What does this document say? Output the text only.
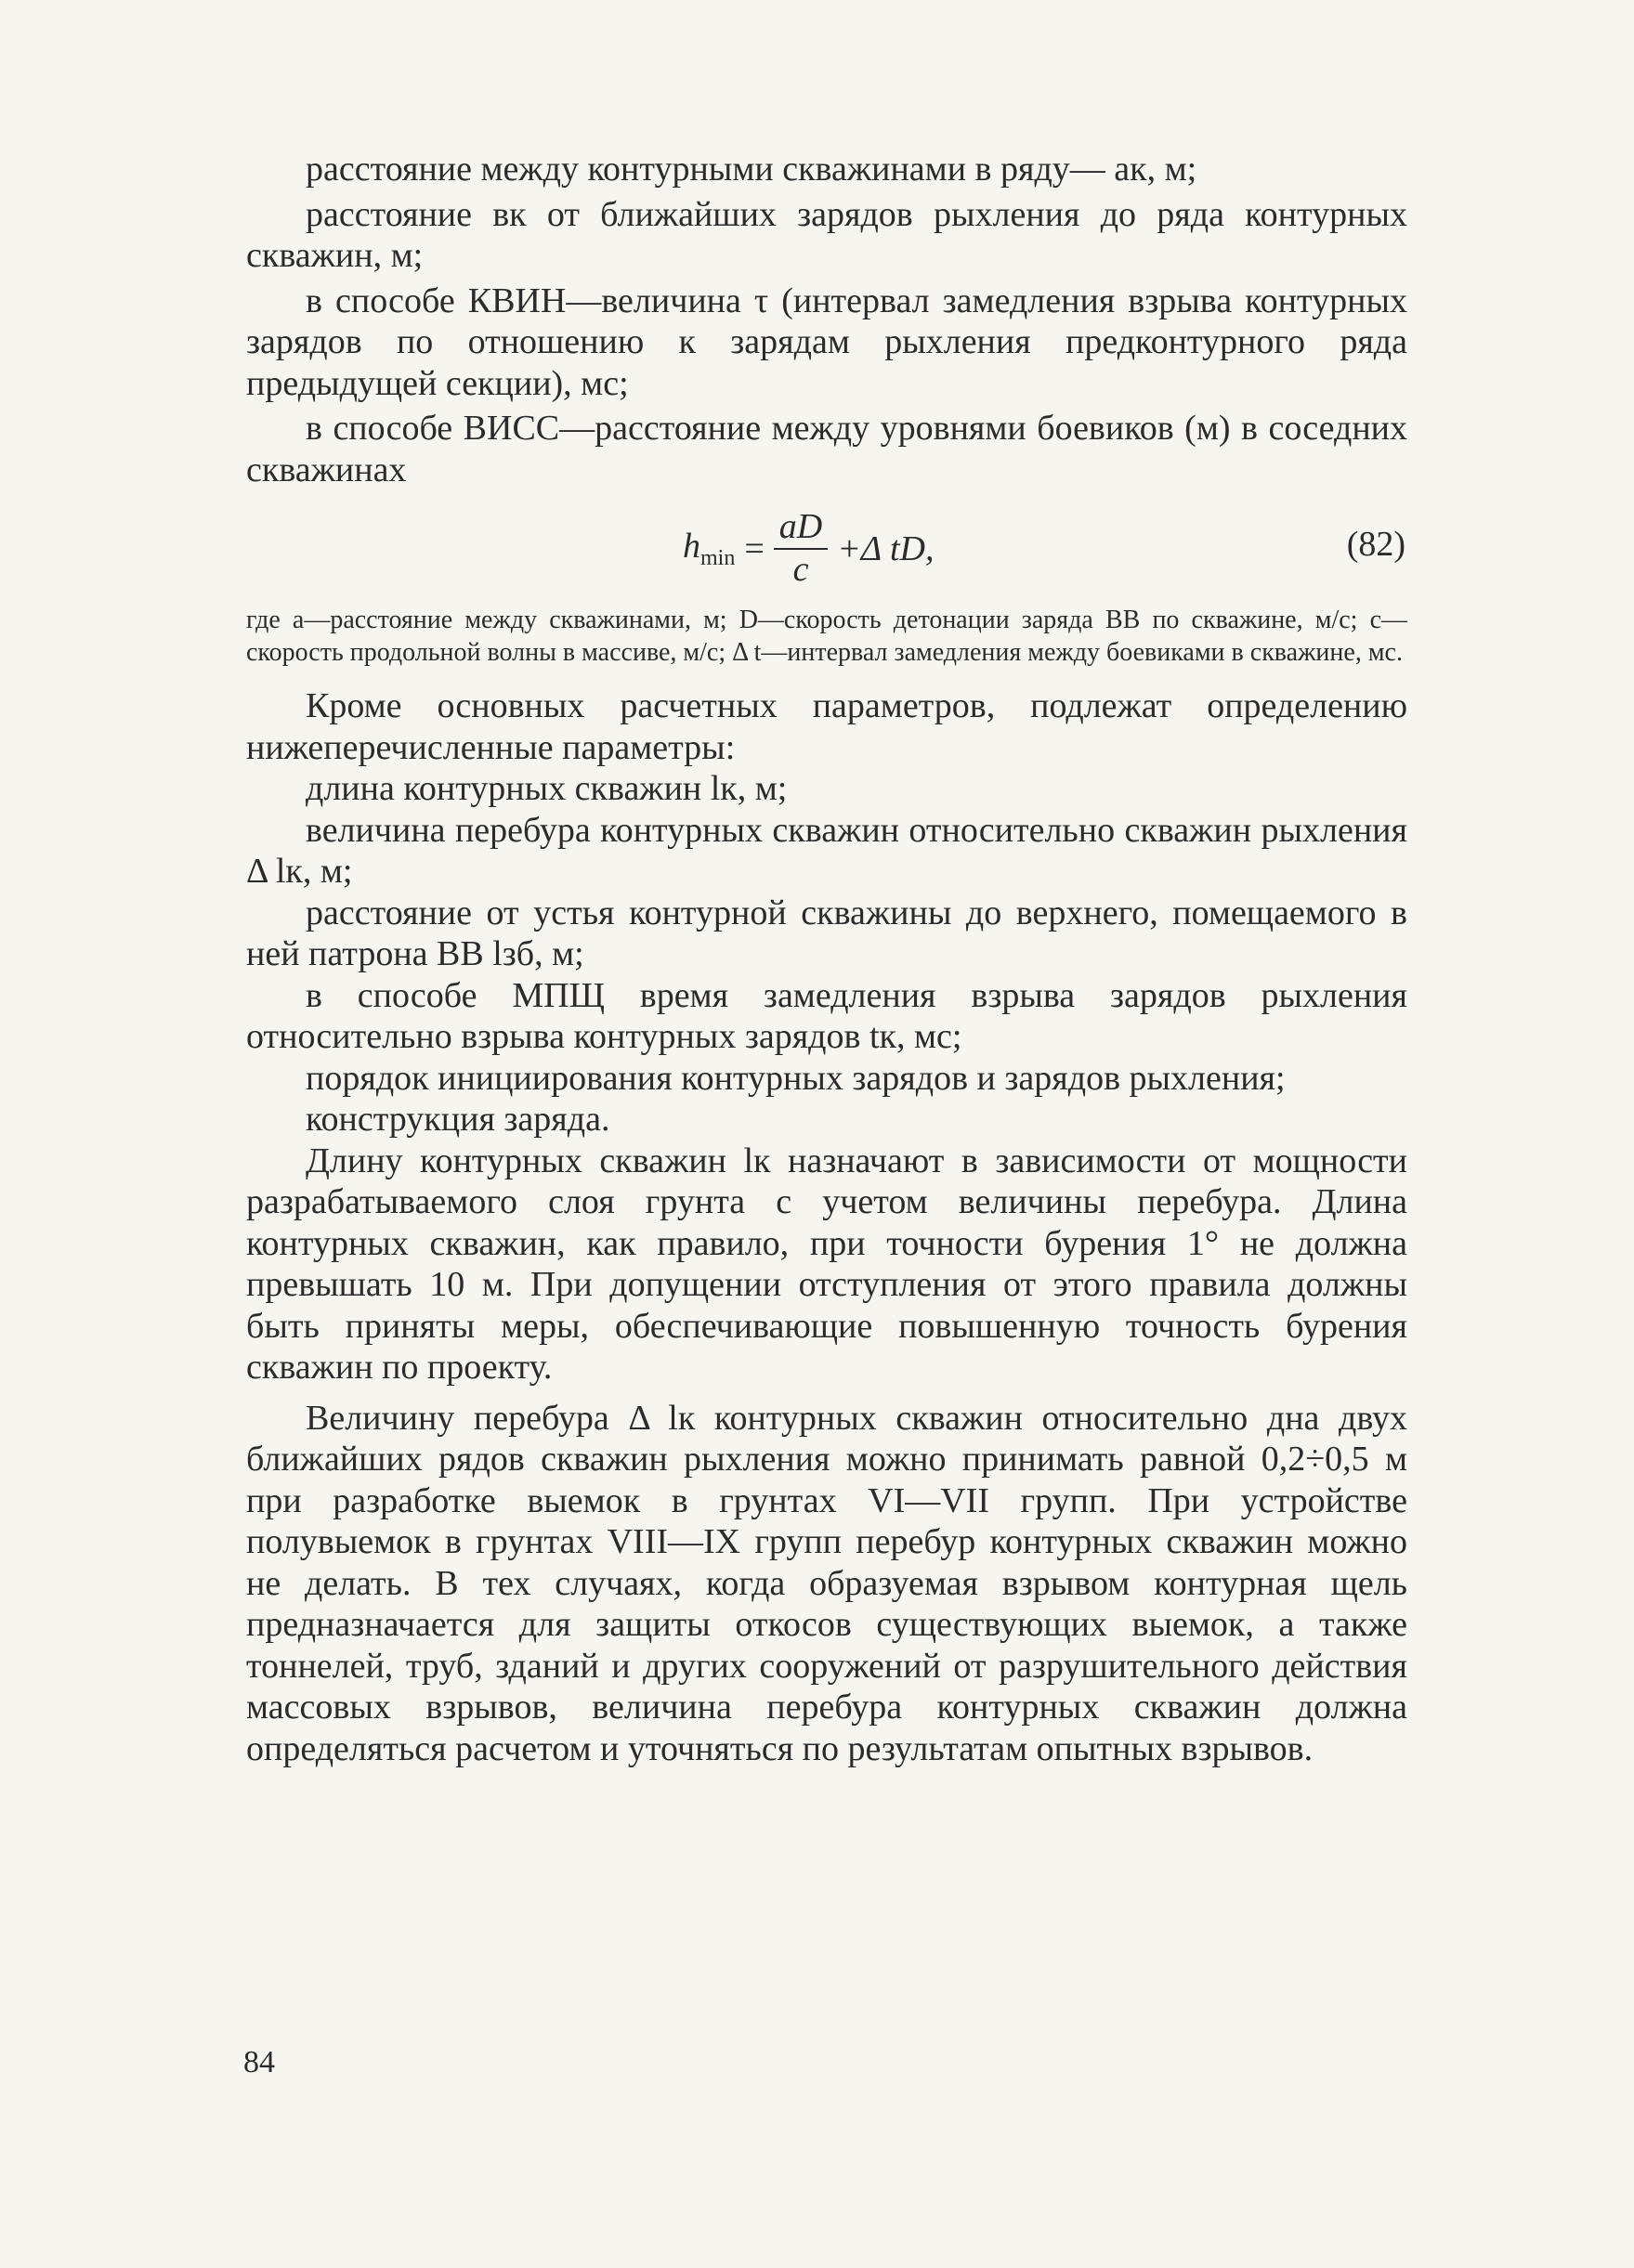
расстояние между контурными скважинами в ряду— aк, м;

расстояние вк от ближайших зарядов рыхления до ряда контурных скважин, м;

в способе КВИН—величина τ (интервал замедления взрыва контурных зарядов по отношению к зарядам рыхления предконтурного ряда предыдущей секции), мс;

в способе ВИСС—расстояние между уровнями боевиков (м) в соседних скважинах

$h_{min} = \frac{aD}{c} +\Delta$ tD,	(82)

где a—расстояние между скважинами, м; D—скорость детонации заряда ВВ по скважине, м/с; c—скорость продольной волны в массиве, м/с; Δ t—интервал замедления между боевиками в скважине, мс.

Кроме основных расчетных параметров, подлежат определению нижеперечисленные параметры:

длина контурных скважин lк, м;

величина перебура контурных скважин относительно скважин рыхления Δ lк, м;

расстояние от устья контурной скважины до верхнего, помещаемого в ней патрона ВВ lзб, м;

в способе МПЩ время замедления взрыва зарядов рыхления относительно взрыва контурных зарядов tк, мс;

порядок инициирования контурных зарядов и зарядов рыхления;

конструкция заряда.

Длину контурных скважин lк назначают в зависимости от мощности разрабатываемого слоя грунта с учетом величины перебура. Длина контурных скважин, как правило, при точности бурения 1° не должна превышать 10 м. При допущении отступления от этого правила должны быть приняты меры, обеспечивающие повышенную точность бурения скважин по проекту.

Величину перебура Δ lк контурных скважин относительно дна двух ближайших рядов скважин рыхления можно принимать равной 0,2÷0,5 м при разработке выемок в грунтах VI—VII групп. При устройстве полувыемок в грунтах VIII—IX групп перебур контурных скважин можно не делать. В тех случаях, когда образуемая взрывом контурная щель предназначается для защиты откосов существующих выемок, а также тоннелей, труб, зданий и других сооружений от разрушительного действия массовых взрывов, величина перебура контурных скважин должна определяться расчетом и уточняться по результатам опытных взрывов.

84
